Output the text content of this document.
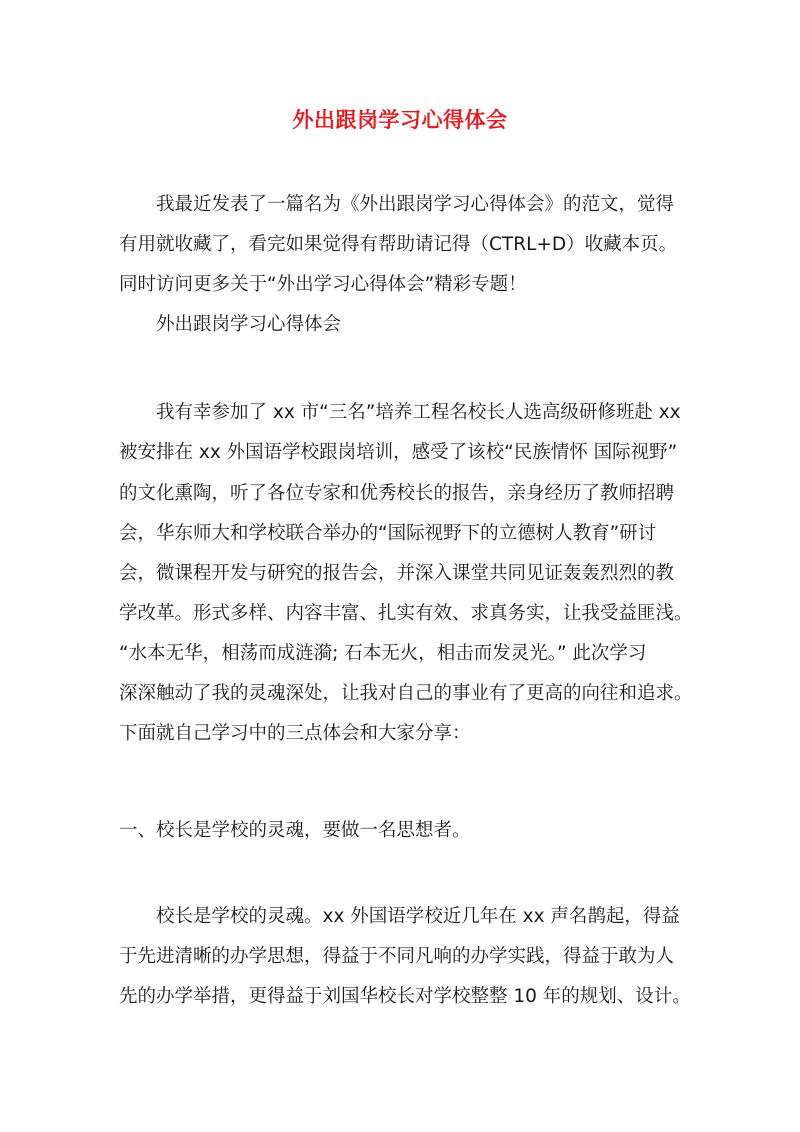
外出跟岗学习心得体会
我最近发表了一篇名为《外出跟岗学习心得体会》的范文，觉得
有用就收藏了，看完如果觉得有帮助请记得（CTRL+D）收藏本页。
同时访问更多关于“外出学习心得体会”精彩专题！
外出跟岗学习心得体会
我有幸参加了 xx 市“三名”培养工程名校长人选高级研修班赴 xx
被安排在 xx 外国语学校跟岗培训，感受了该校“民族情怀 国际视野”
的文化熏陶，听了各位专家和优秀校长的报告，亲身经历了教师招聘
会，华东师大和学校联合举办的“国际视野下的立德树人教育”研讨
会，微课程开发与研究的报告会，并深入课堂共同见证轰轰烈烈的教
学改革。形式多样、内容丰富、扎实有效、求真务实，让我受益匪浅。
“水本无华，相荡而成涟漪; 石本无火，相击而发灵光。” 此次学习
深深触动了我的灵魂深处，让我对自己的事业有了更高的向往和追求。
下面就自己学习中的三点体会和大家分享：
一、校长是学校的灵魂，要做一名思想者。
校长是学校的灵魂。xx 外国语学校近几年在 xx 声名鹊起，得益
于先进清晰的办学思想，得益于不同凡响的办学实践，得益于敢为人
先的办学举措，更得益于刘国华校长对学校整整 10 年的规划、设计。
